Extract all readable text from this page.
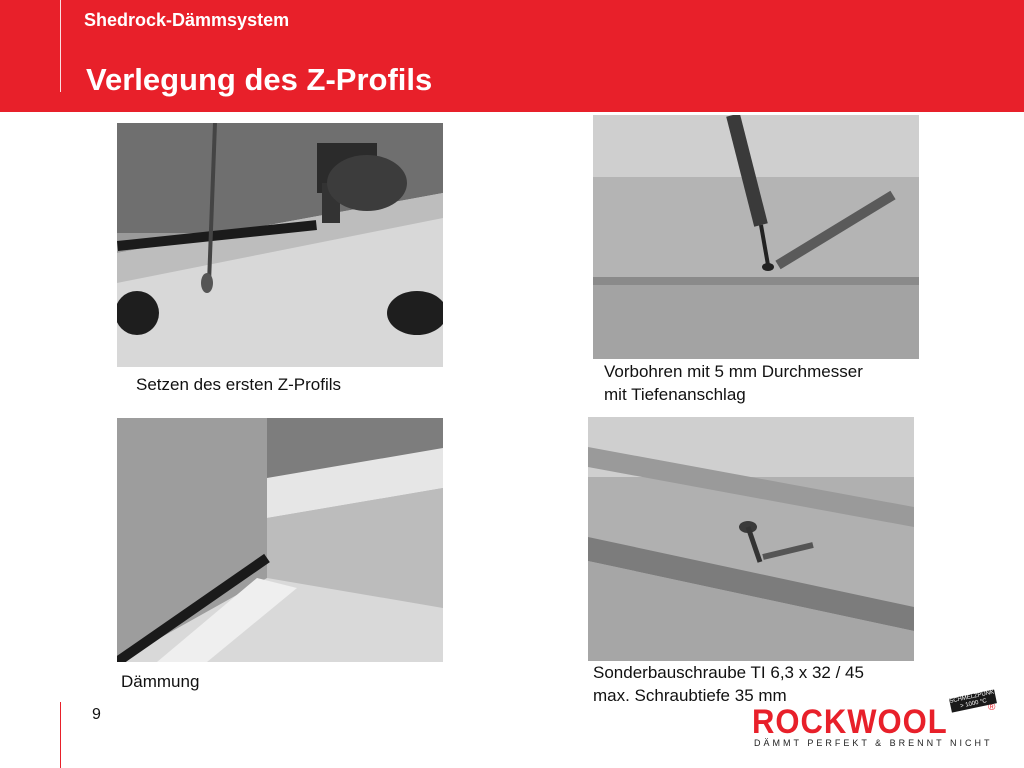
Shedrock-Dämmsystem
Verlegung des Z-Profils
Setzen des ersten Z-Profils
Vorbohren mit 5 mm Durchmesser
mit Tiefenanschlag
Dämmung	Sonderbauschraube TI 6,3 x 32 / 45
max. Schraubtiefe 35 mm
9	ROCKWOOL	®
SCHMELZPUNKT > 1000 °C
DÄMMT PERFEKT & BRENNT NICHT
